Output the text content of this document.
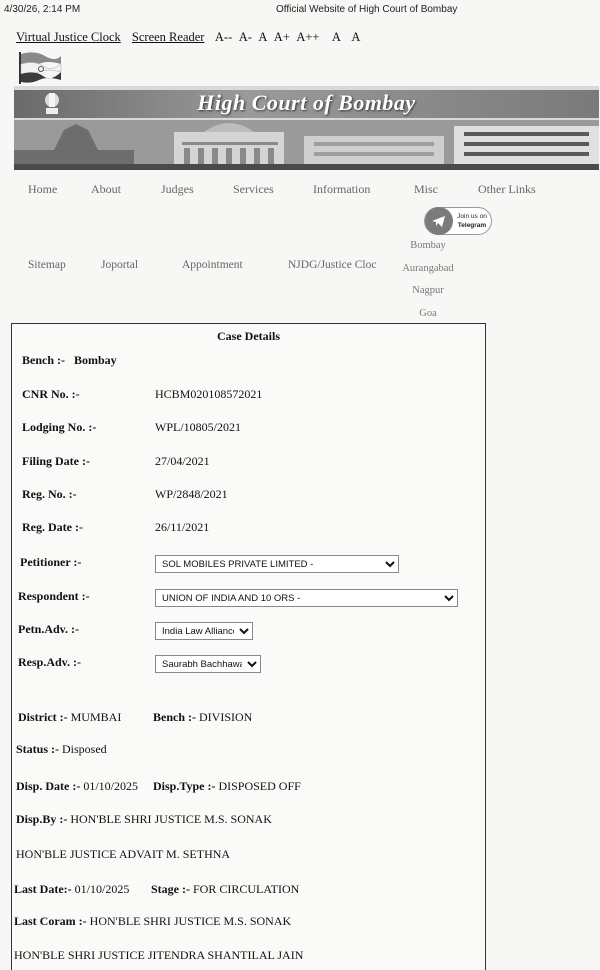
4/30/26, 2:14 PM	Official Website of High Court of Bombay
Virtual Justice Clock Screen Reader A-- A- A A+ A++ A A
High Court of Bombay
Home	About	Judges	Services	Information	Misc	Other Links
Join us on
Telegram
Sitemap	Joportal	Appointment	NJDG/Justice Cloc
Bombay
Aurangabad
Nagpur
Goa
Case Details
Bench :- Bombay
CNR No. :-	HCBM020108572021
Lodging No. :-	WPL/10805/2021
Filing Date :-	27/04/2021
Reg. No. :-	WP/2848/2021
Reg. Date :-	26/11/2021
Petitioner :-
SOL MOBILES PRIVATE LIMITED -
Respondent :-
UNION OF INDIA AND 10 ORS -
Petn.Adv. :-
India Law Alliance
Resp.Adv. :-
Saurabh Bachhawat
District :- MUMBAI	Bench :- DIVISION
Status :- Disposed
Disp. Date :- 01/10/2025 Disp.Type :- DISPOSED OFF
Disp.By :- HON'BLE SHRI JUSTICE M.S. SONAK
HON'BLE JUSTICE ADVAIT M. SETHNA
Last Date:- 01/10/2025 Stage :- FOR CIRCULATION
Last Coram :- HON'BLE SHRI JUSTICE M.S. SONAK
HON'BLE SHRI JUSTICE JITENDRA SHANTILAL JAIN
